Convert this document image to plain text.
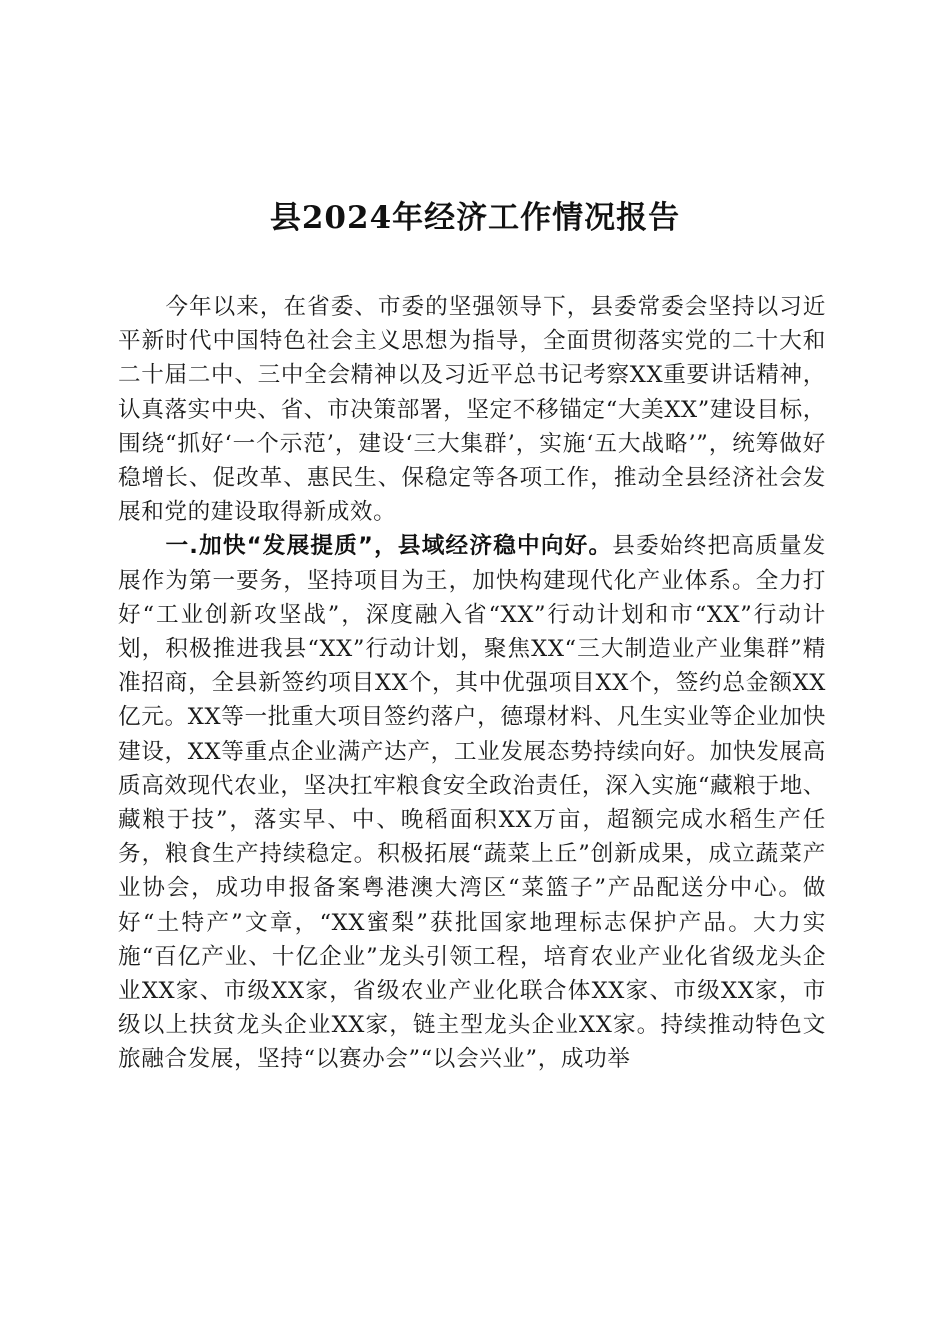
县2024年经济工作情况报告

今年以来，在省委、市委的坚强领导下，县委常委会坚持以习近平新时代中国特色社会主义思想为指导，全面贯彻落实党的二十大和二十届二中、三中全会精神以及习近平总书记考察XX重要讲话精神，认真落实中央、省、市决策部署，坚定不移锚定“大美XX”建设目标，围绕“抓好‘一个示范’，建设‘三大集群’，实施‘五大战略’”，统筹做好稳增长、促改革、惠民生、保稳定等各项工作，推动全县经济社会发展和党的建设取得新成效。

一.加快“发展提质”，县域经济稳中向好。县委始终把高质量发展作为第一要务，坚持项目为王，加快构建现代化产业体系。全力打好“工业创新攻坚战”，深度融入省“XX”行动计划和市“XX”行动计划，积极推进我县“XX”行动计划，聚焦XX“三大制造业产业集群”精准招商，全县新签约项目XX个，其中优强项目XX个，签约总金额XX亿元。XX等一批重大项目签约落户，德璟材料、凡生实业等企业加快建设，XX等重点企业满产达产，工业发展态势持续向好。加快发展高质高效现代农业，坚决扛牢粮食安全政治责任，深入实施“藏粮于地、藏粮于技”，落实早、中、晚稻面积XX万亩，超额完成水稻生产任务，粮食生产持续稳定。积极拓展“蔬菜上丘”创新成果，成立蔬菜产业协会，成功申报备案粤港澳大湾区“菜篮子”产品配送分中心。做好“土特产”文章，“XX蜜梨”获批国家地理标志保护产品。大力实施“百亿产业、十亿企业”龙头引领工程，培育农业产业化省级龙头企业XX家、市级XX家，省级农业产业化联合体XX家、市级XX家，市级以上扶贫龙头企业XX家，链主型龙头企业XX家。持续推动特色文旅融合发展，坚持“以赛办会”“以会兴业”，成功举
